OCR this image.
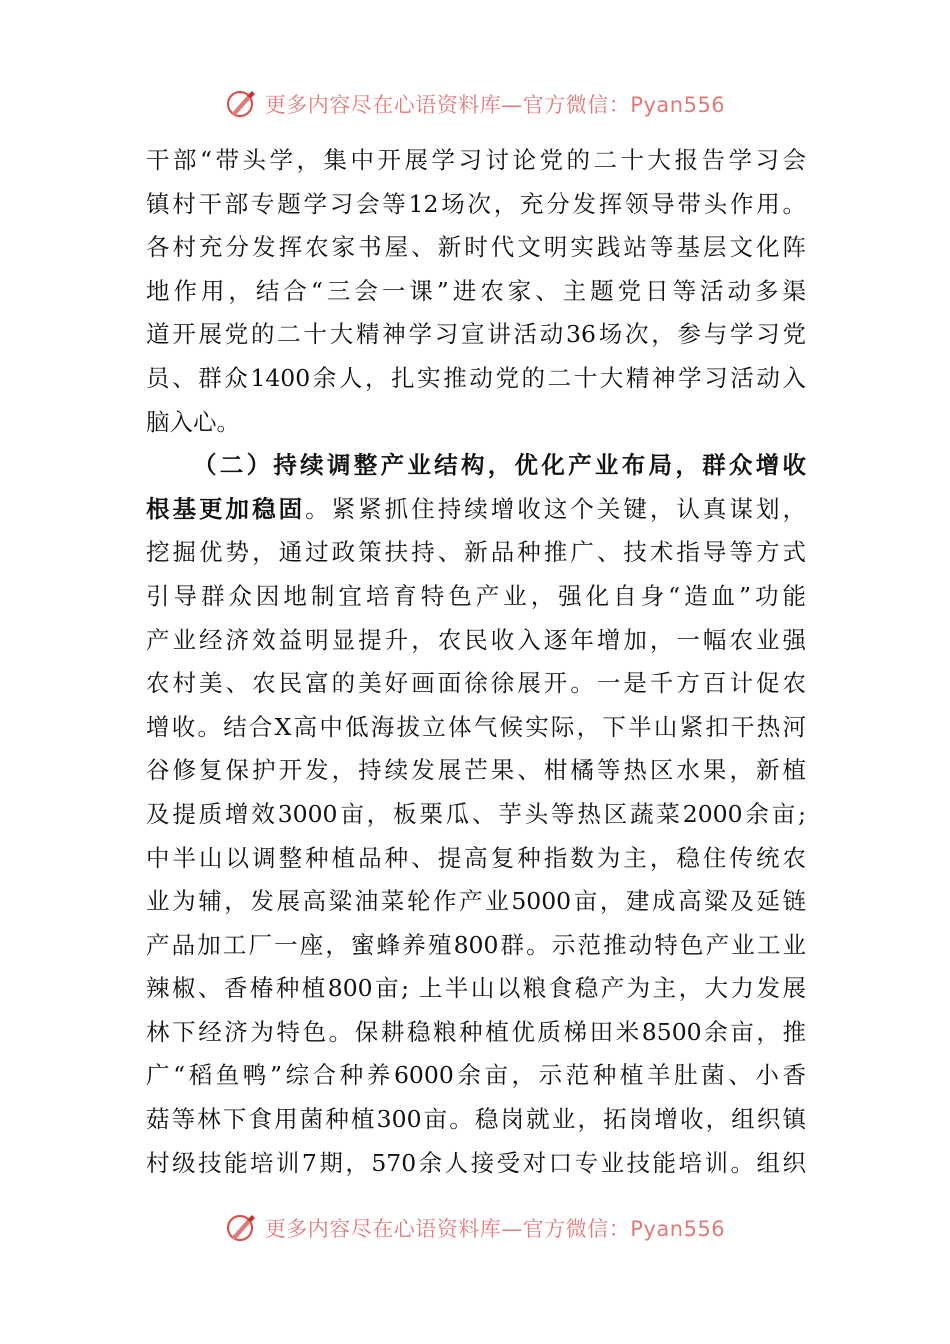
更多内容尽在心语资料库—官方微信：Pyan556
干部“带头学，集中开展学习讨论党的二十大报告学习会
镇村干部专题学习会等12场次，充分发挥领导带头作用。
各村充分发挥农家书屋、新时代文明实践站等基层文化阵
地作用，结合“三会一课”进农家、主题党日等活动多渠
道开展党的二十大精神学习宣讲活动36场次，参与学习党
员、群众1400余人，扎实推动党的二十大精神学习活动入
脑入心。
（二）持续调整产业结构，优化产业布局，群众增收
根基更加稳固。紧紧抓住持续增收这个关键，认真谋划，
挖掘优势，通过政策扶持、新品种推广、技术指导等方式
引导群众因地制宜培育特色产业，强化自身“造血”功能
产业经济效益明显提升，农民收入逐年增加，一幅农业强
农村美、农民富的美好画面徐徐展开。一是千方百计促农
增收。结合X高中低海拔立体气候实际，下半山紧扣干热河
谷修复保护开发，持续发展芒果、柑橘等热区水果，新植
及提质增效3000亩，板栗瓜、芋头等热区蔬菜2000余亩;
中半山以调整种植品种、提高复种指数为主，稳住传统农
业为辅，发展高粱油菜轮作产业5000亩，建成高粱及延链
产品加工厂一座，蜜蜂养殖800群。示范推动特色产业工业
辣椒、香椿种植800亩; 上半山以粮食稳产为主，大力发展
林下经济为特色。保耕稳粮种植优质梯田米8500余亩，推
广“稻鱼鸭”综合种养6000余亩，示范种植羊肚菌、小香
菇等林下食用菌种植300亩。稳岗就业，拓岗增收，组织镇
村级技能培训7期，570余人接受对口专业技能培训。组织
更多内容尽在心语资料库—官方微信：Pyan556
